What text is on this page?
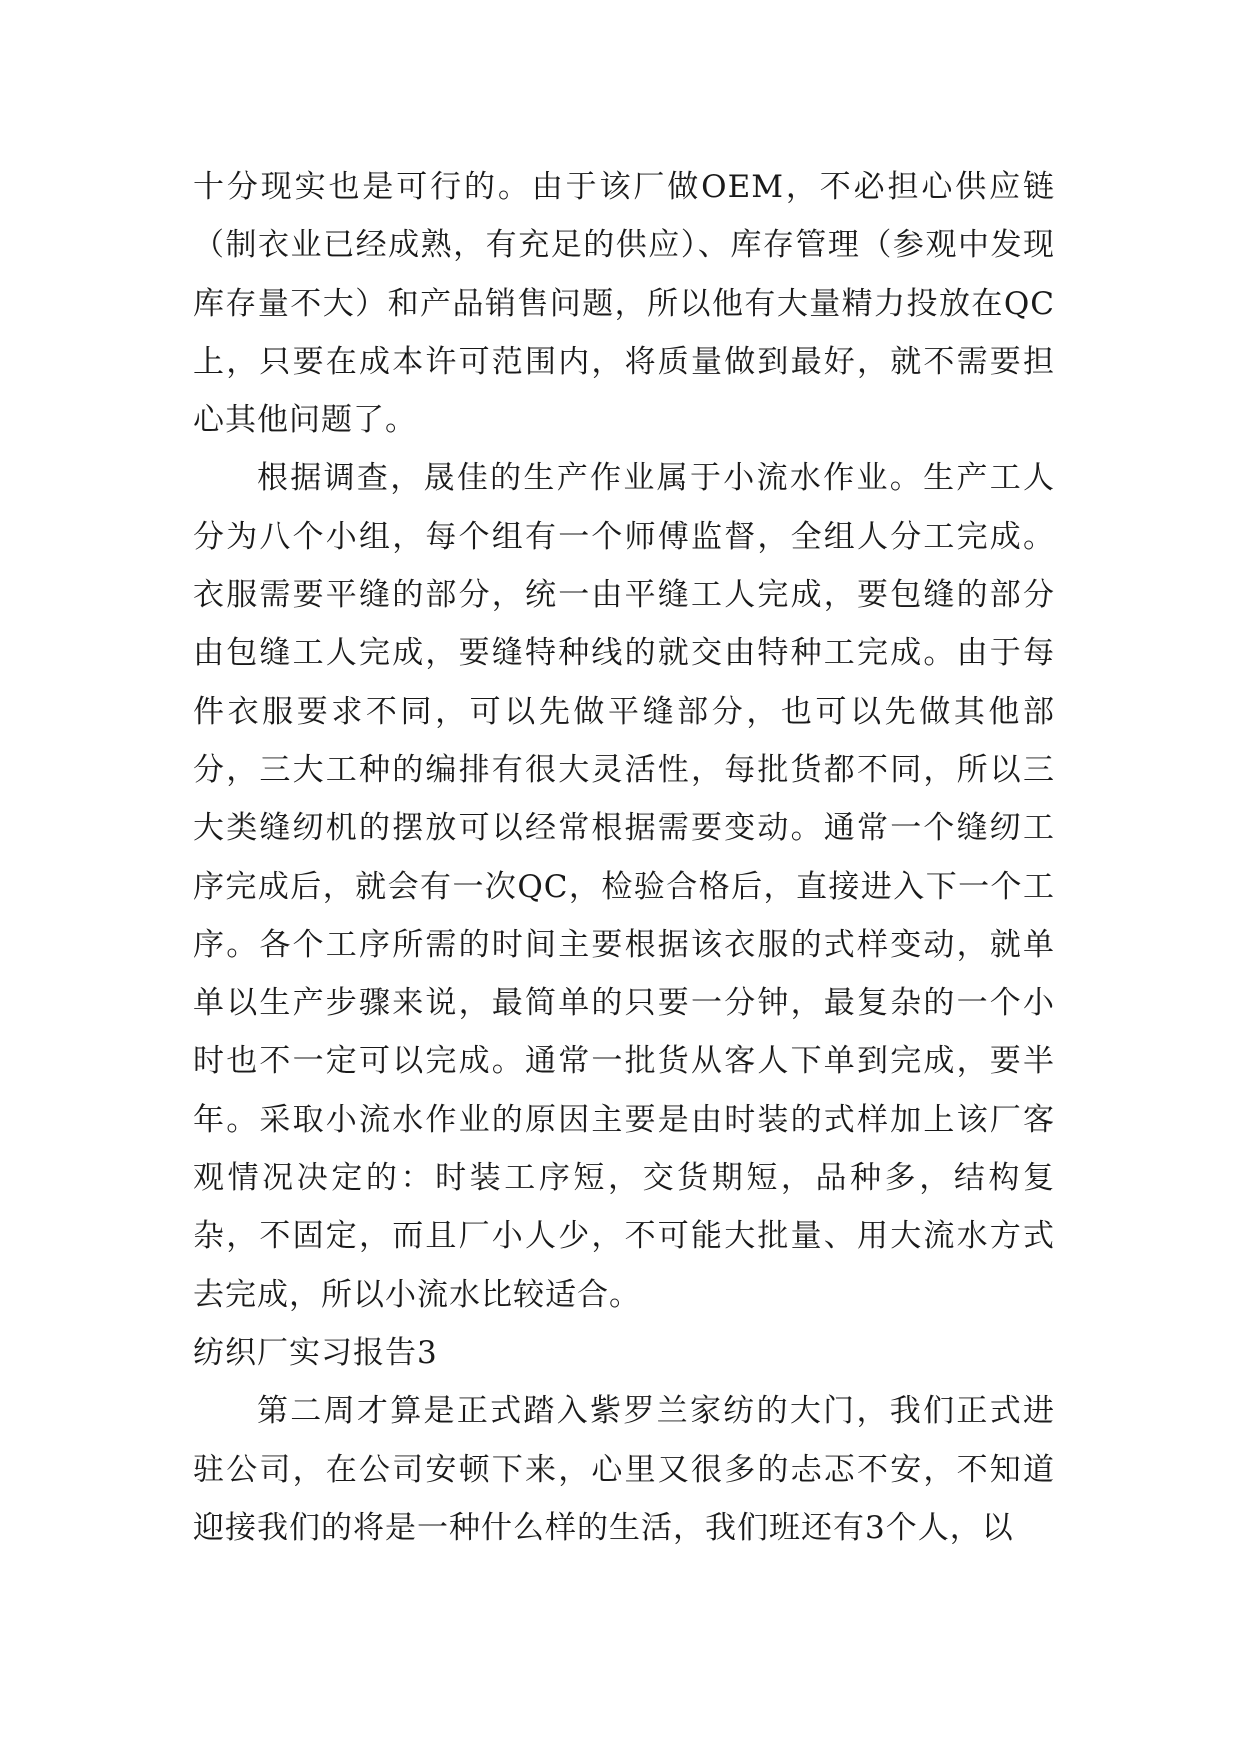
十分现实也是可行的。由于该厂做OEM，不必担心供应链（制衣业已经成熟，有充足的供应）、库存管理（参观中发现库存量不大）和产品销售问题，所以他有大量精力投放在QC上，只要在成本许可范围内，将质量做到最好，就不需要担心其他问题了。

根据调查，晟佳的生产作业属于小流水作业。生产工人分为八个小组，每个组有一个师傅监督，全组人分工完成。衣服需要平缝的部分，统一由平缝工人完成，要包缝的部分由包缝工人完成，要缝特种线的就交由特种工完成。由于每件衣服要求不同，可以先做平缝部分，也可以先做其他部分，三大工种的编排有很大灵活性，每批货都不同，所以三大类缝纫机的摆放可以经常根据需要变动。通常一个缝纫工序完成后，就会有一次QC，检验合格后，直接进入下一个工序。各个工序所需的时间主要根据该衣服的式样变动，就单单以生产步骤来说，最简单的只要一分钟，最复杂的一个小时也不一定可以完成。通常一批货从客人下单到完成，要半年。采取小流水作业的原因主要是由时装的式样加上该厂客观情况决定的：时装工序短，交货期短，品种多，结构复杂，不固定，而且厂小人少，不可能大批量、用大流水方式去完成，所以小流水比较适合。

纺织厂实习报告3

第二周才算是正式踏入紫罗兰家纺的大门，我们正式进驻公司，在公司安顿下来，心里又很多的忐忑不安，不知道迎接我们的将是一种什么样的生活，我们班还有3个人，以
